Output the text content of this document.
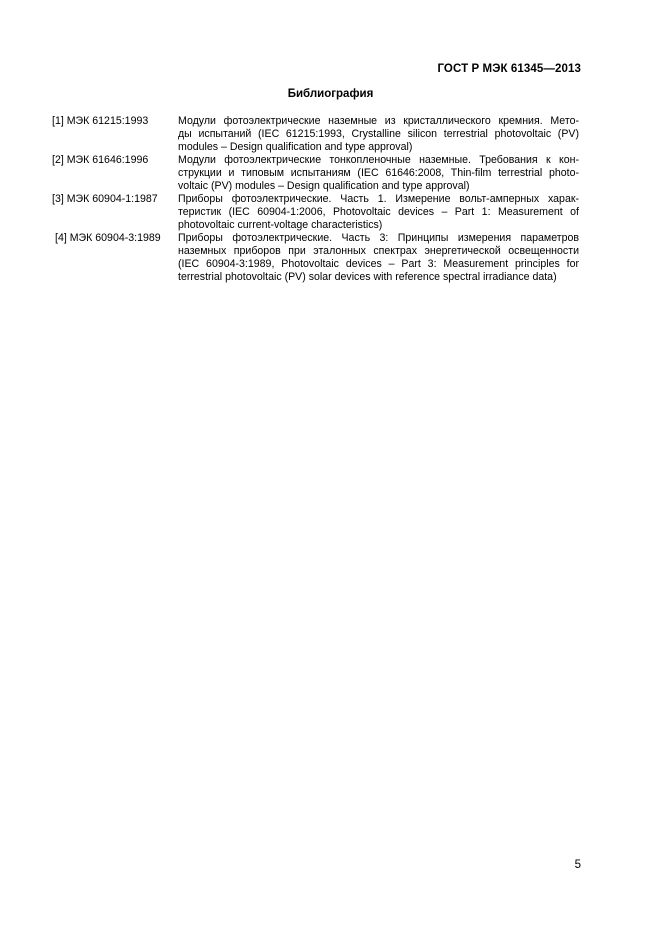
ГОСТ Р МЭК 61345—2013
Библиография
[1] МЭК 61215:1993	Модули фотоэлектрические наземные из кристаллического кремния. Мето-
ды испытаний (IEC 61215:1993, Crystalline silicon terrestrial photovoltaic (PV)
modules – Design qualification and type approval)
[2] МЭК 61646:1996	Модули фотоэлектрические тонкопленочные наземные. Требования к кон-
струкции и типовым испытаниям (IEC 61646:2008, Thin-film terrestrial photo-
voltaic (PV) modules – Design qualification and type approval)
[3] МЭК 60904-1:1987	Приборы фотоэлектрические. Часть 1. Измерение вольт-амперных харак-
теристик (IEC 60904-1:2006, Photovoltaic devices – Part 1: Measurement of
photovoltaic current-voltage characteristics)
[4] МЭК 60904-3:1989	Приборы фотоэлектрические. Часть 3: Принципы измерения параметров
наземных приборов при эталонных спектрах энергетической освещенности
(IEC 60904-3:1989, Photovoltaic devices – Part 3: Measurement principles for
terrestrial photovoltaic (PV) solar devices with reference spectral irradiance data)
5
